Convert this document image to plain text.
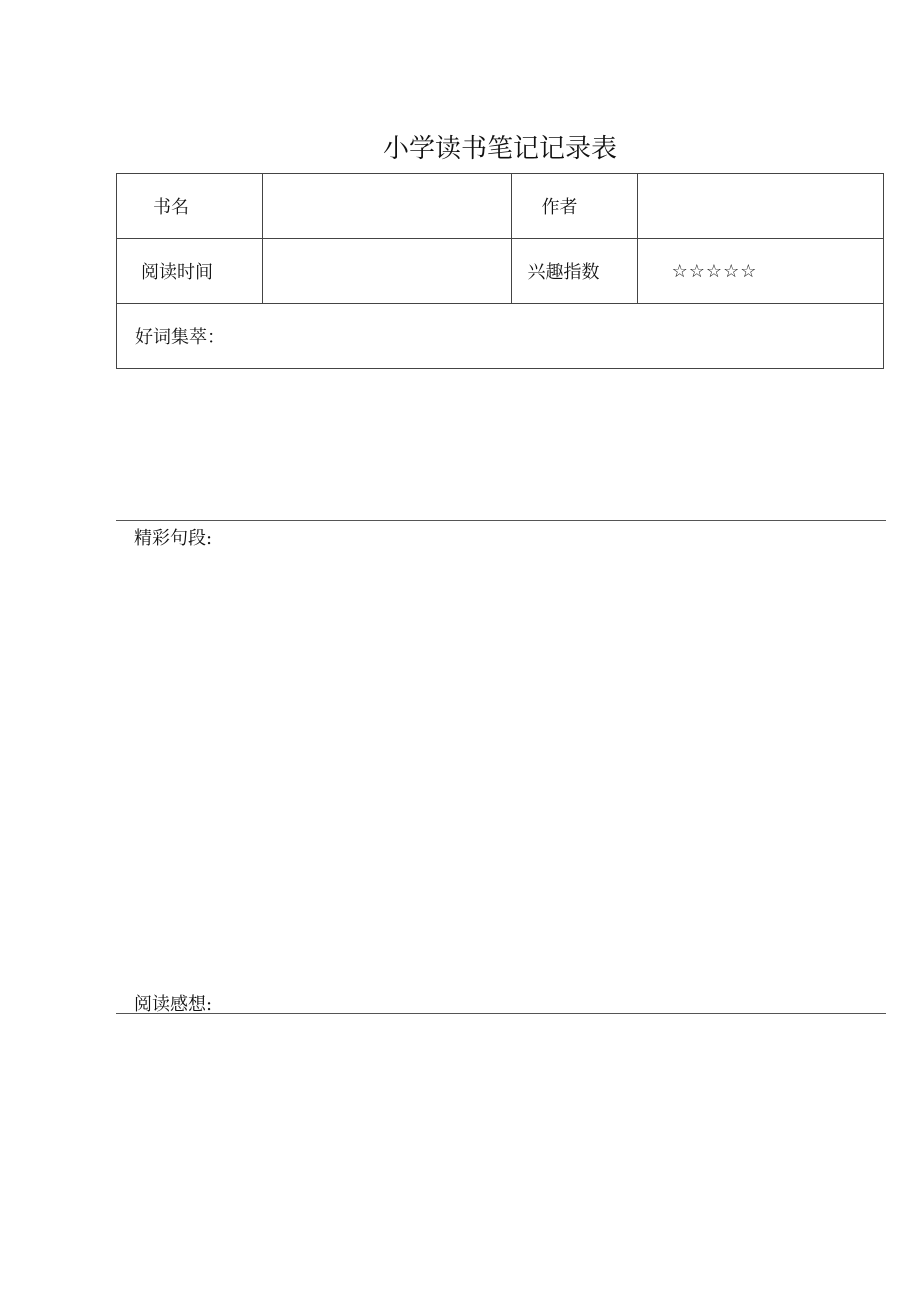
小学读书笔记记录表
书名		作者	
阅读时间		兴趣指数	☆☆☆☆☆
好词集萃：			
精彩句段:
阅读感想:
